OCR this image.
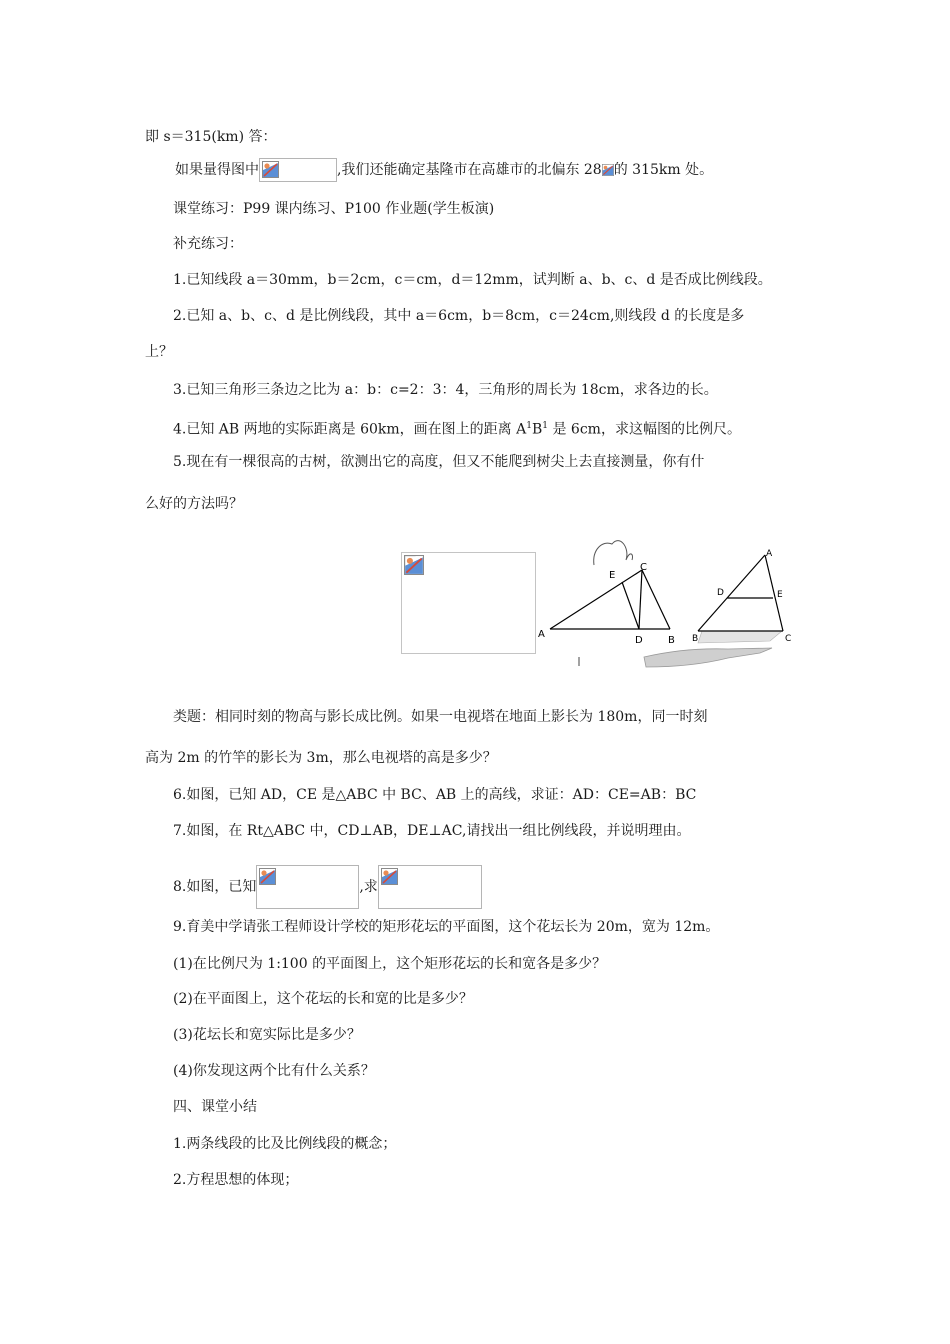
即 s＝315(km) 答：
如果量得图中	,我们还能确定基隆市在高雄市的北偏东 28 的 315km 处。
课堂练习：P99 课内练习、P100 作业题(学生板演)
补充练习：
1.已知线段 a＝30mm，b＝2cm，c＝cm，d＝12mm，试判断 a、b、c、d 是否成比例线段。
2.已知 a、b、c、d 是比例线段，其中 a＝6cm，b＝8cm，c＝24cm,则线段 d 的长度是多
上？
3.已知三角形三条边之比为 a：b：c=2：3：4，三角形的周长为 18cm，求各边的长。
4.已知 AB 两地的实际距离是 60km，画在图上的距离 $A^1B^1$ 是 6cm，求这幅图的比例尺。
5.现在有一棵很高的古树，欲测出它的高度，但又不能爬到树尖上去直接测量，你有什
么好的方法吗？
A
B
C
D
E
A
B	C
D	E
类题：相同时刻的物高与影长成比例。如果一电视塔在地面上影长为 180m，同一时刻
高为 2m 的竹竿的影长为 3m，那么电视塔的高是多少？
6.如图，已知 AD，CE 是△ABC 中 BC、AB 上的高线，求证：AD：CE=AB：BC
7.如图，在 Rt△ABC 中，CD⊥AB，DE⊥AC,请找出一组比例线段，并说明理由。
8.如图，已知	,求
9.育美中学请张工程师设计学校的矩形花坛的平面图，这个花坛长为 20m，宽为 12m。
(1)在比例尺为 1:100 的平面图上，这个矩形花坛的长和宽各是多少？
(2)在平面图上，这个花坛的长和宽的比是多少？
(3)花坛长和宽实际比是多少？
(4)你发现这两个比有什么关系？
四、课堂小结
1.两条线段的比及比例线段的概念；
2.方程思想的体现；
